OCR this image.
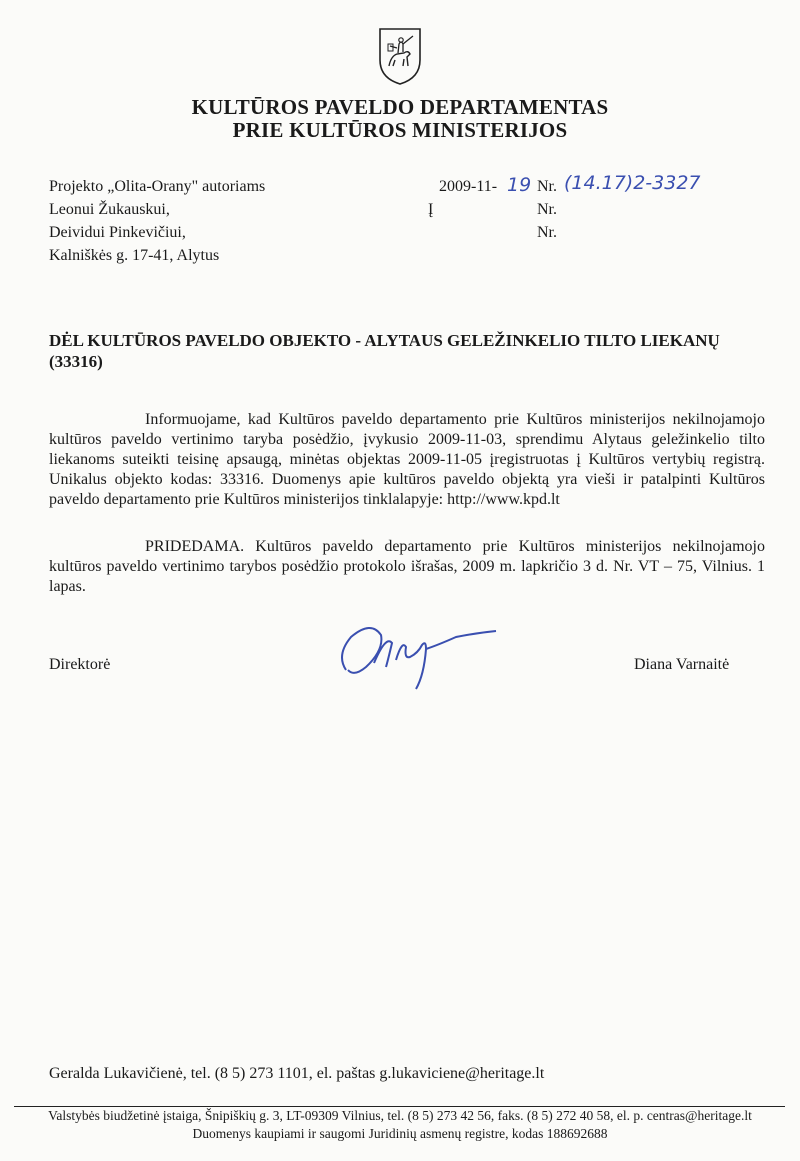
KULTŪROS PAVELDO DEPARTAMENTAS
PRIE KULTŪROS MINISTERIJOS
Projekto „Olita-Orany" autoriams
Leonui Žukauskui,
Deividui Pinkevičiui,
Kalniškės g. 17-41, Alytus
2009-11- 19 Nr. (14.17)2-3327
Į	Nr.
Nr.
DĖL KULTŪROS PAVELDO OBJEKTO - ALYTAUS GELEŽINKELIO TILTO LIEKANŲ
(33316)
Informuojame, kad Kultūros paveldo departamento prie Kultūros ministerijos nekilnojamojo kultūros paveldo vertinimo taryba posėdžio, įvykusio 2009-11-03, sprendimu Alytaus geležinkelio tilto liekanoms suteikti teisinę apsaugą, minėtas objektas 2009-11-05 įregistruotas į Kultūros vertybių registrą. Unikalus objekto kodas: 33316. Duomenys apie kultūros paveldo objektą yra vieši ir patalpinti Kultūros paveldo departamento prie Kultūros ministerijos tinklalapyje: http://www.kpd.lt
PRIDEDAMA. Kultūros paveldo departamento prie Kultūros ministerijos nekilnojamojo kultūros paveldo vertinimo tarybos posėdžio protokolo išrašas, 2009 m. lapkričio 3 d. Nr. VT – 75, Vilnius. 1 lapas.
Direktorė	Diana Varnaitė
Geralda Lukavičienė, tel. (8 5) 273 1101, el. paštas g.lukaviciene@heritage.lt
Valstybės biudžetinė įstaiga, Šnipiškių g. 3, LT-09309 Vilnius, tel. (8 5) 273 42 56, faks. (8 5) 272 40 58, el. p. centras@heritage.lt
Duomenys kaupiami ir saugomi Juridinių asmenų registre, kodas 188692688
